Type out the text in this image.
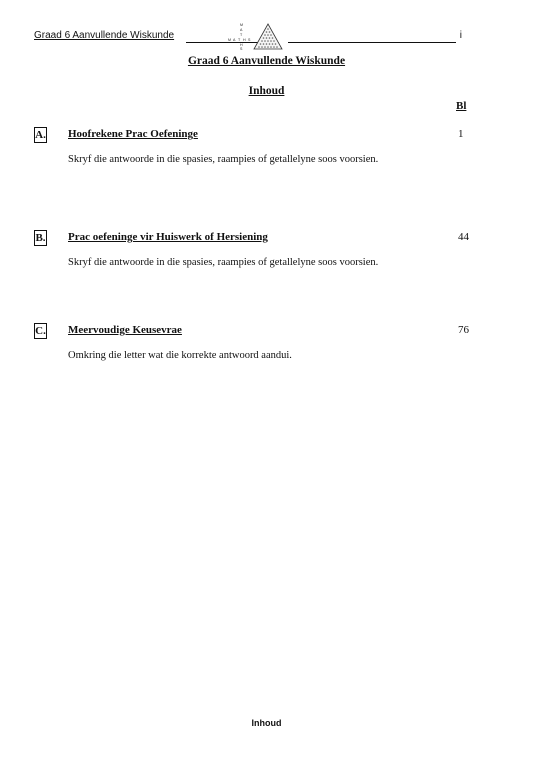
Graad 6 Aanvullende Wiskunde	M A T H S
M
A
T
H
S
i
Graad 6 Aanvullende Wiskunde
Inhoud
Bl
A. Hoofrekene Prac Oefeninge	1
Skryf die antwoorde in die spasies, raampies of getallelyne soos voorsien.
B. Prac oefeninge vir Huiswerk of Hersiening	44
Skryf die antwoorde in die spasies, raampies of getallelyne soos voorsien.
C. Meervoudige Keusevrae	76
Omkring die letter wat die korrekte antwoord aandui.
Inhoud
